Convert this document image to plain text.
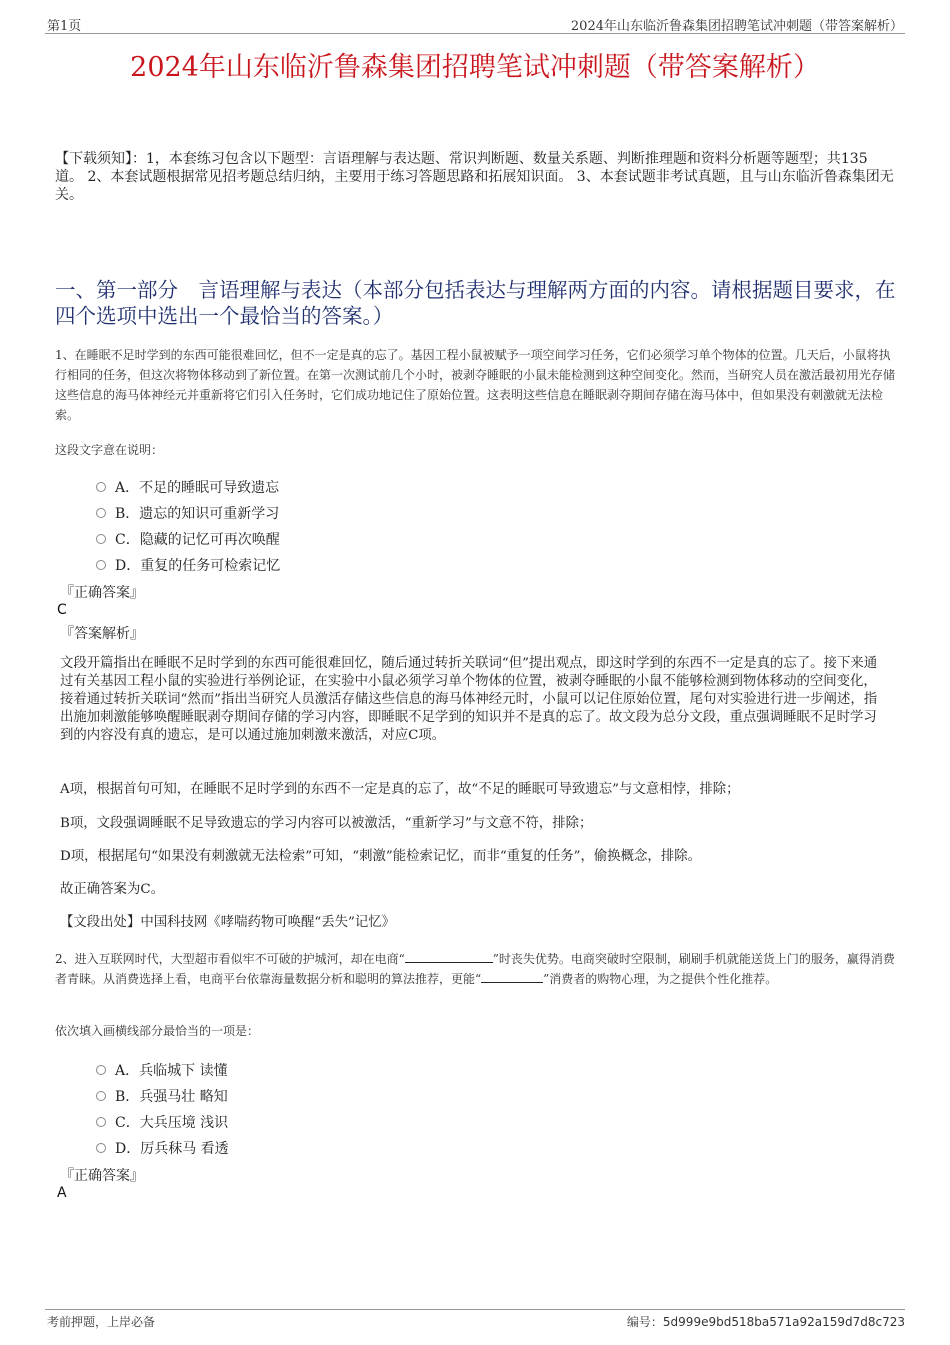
第1页	2024年山东临沂鲁森集团招聘笔试冲刺题（带答案解析）
2024年山东临沂鲁森集团招聘笔试冲刺题（带答案解析）
【下载须知】：1，本套练习包含以下题型：言语理解与表达题、常识判断题、数量关系题、判断推理题和资料分析题等题型；共135道。 2、本套试题根据常见招考题总结归纳，主要用于练习答题思路和拓展知识面。 3、本套试题非考试真题，且与山东临沂鲁森集团无关。
一、第一部分　言语理解与表达（本部分包括表达与理解两方面的内容。请根据题目要求，在四个选项中选出一个最恰当的答案。）
1、在睡眠不足时学到的东西可能很难回忆，但不一定是真的忘了。基因工程小鼠被赋予一项空间学习任务，它们必须学习单个物体的位置。几天后，小鼠将执行相同的任务，但这次将物体移动到了新位置。在第一次测试前几个小时，被剥夺睡眠的小鼠未能检测到这种空间变化。然而，当研究人员在激活最初用光存储这些信息的海马体神经元并重新将它们引入任务时，它们成功地记住了原始位置。这表明这些信息在睡眠剥夺期间存储在海马体中，但如果没有刺激就无法检索。
这段文字意在说明：
A．不足的睡眠可导致遗忘
B．遗忘的知识可重新学习
C．隐藏的记忆可再次唤醒
D．重复的任务可检索记忆
『正确答案』
C
『答案解析』
文段开篇指出在睡眠不足时学到的东西可能很难回忆，随后通过转折关联词“但”提出观点，即这时学到的东西不一定是真的忘了。接下来通过有关基因工程小鼠的实验进行举例论证，在实验中小鼠必须学习单个物体的位置，被剥夺睡眠的小鼠不能够检测到物体移动的空间变化，接着通过转折关联词“然而”指出当研究人员激活存储这些信息的海马体神经元时，小鼠可以记住原始位置，尾句对实验进行进一步阐述，指出施加刺激能够唤醒睡眠剥夺期间存储的学习内容，即睡眠不足学到的知识并不是真的忘了。故文段为总分文段，重点强调睡眠不足时学习到的内容没有真的遗忘，是可以通过施加刺激来激活，对应C项。
A项，根据首句可知，在睡眠不足时学到的东西不一定是真的忘了，故“不足的睡眠可导致遗忘”与文意相悖，排除；
B项，文段强调睡眠不足导致遗忘的学习内容可以被激活，“重新学习”与文意不符，排除；
D项，根据尾句“如果没有刺激就无法检索”可知，“刺激”能检索记忆，而非“重复的任务”，偷换概念，排除。
故正确答案为C。
【文段出处】中国科技网《哮喘药物可唤醒“丢失”记忆》
2、进入互联网时代，大型超市看似牢不可破的护城河，却在电商“	”时丧失优势。电商突破时空限制，刷刷手机就能送货上门的服务，赢得消费者青睐。从消费选择上看，电商平台依靠海量数据分析和聪明的算法推荐，更能“	”消费者的购物心理，为之提供个性化推荐。
依次填入画横线部分最恰当的一项是：
A．兵临城下 读懂
B．兵强马壮 略知
C．大兵压境 浅识
D．厉兵秣马 看透
『正确答案』
A
考前押题，上岸必备	编号：5d999e9bd518ba571a92a159d7d8c723
